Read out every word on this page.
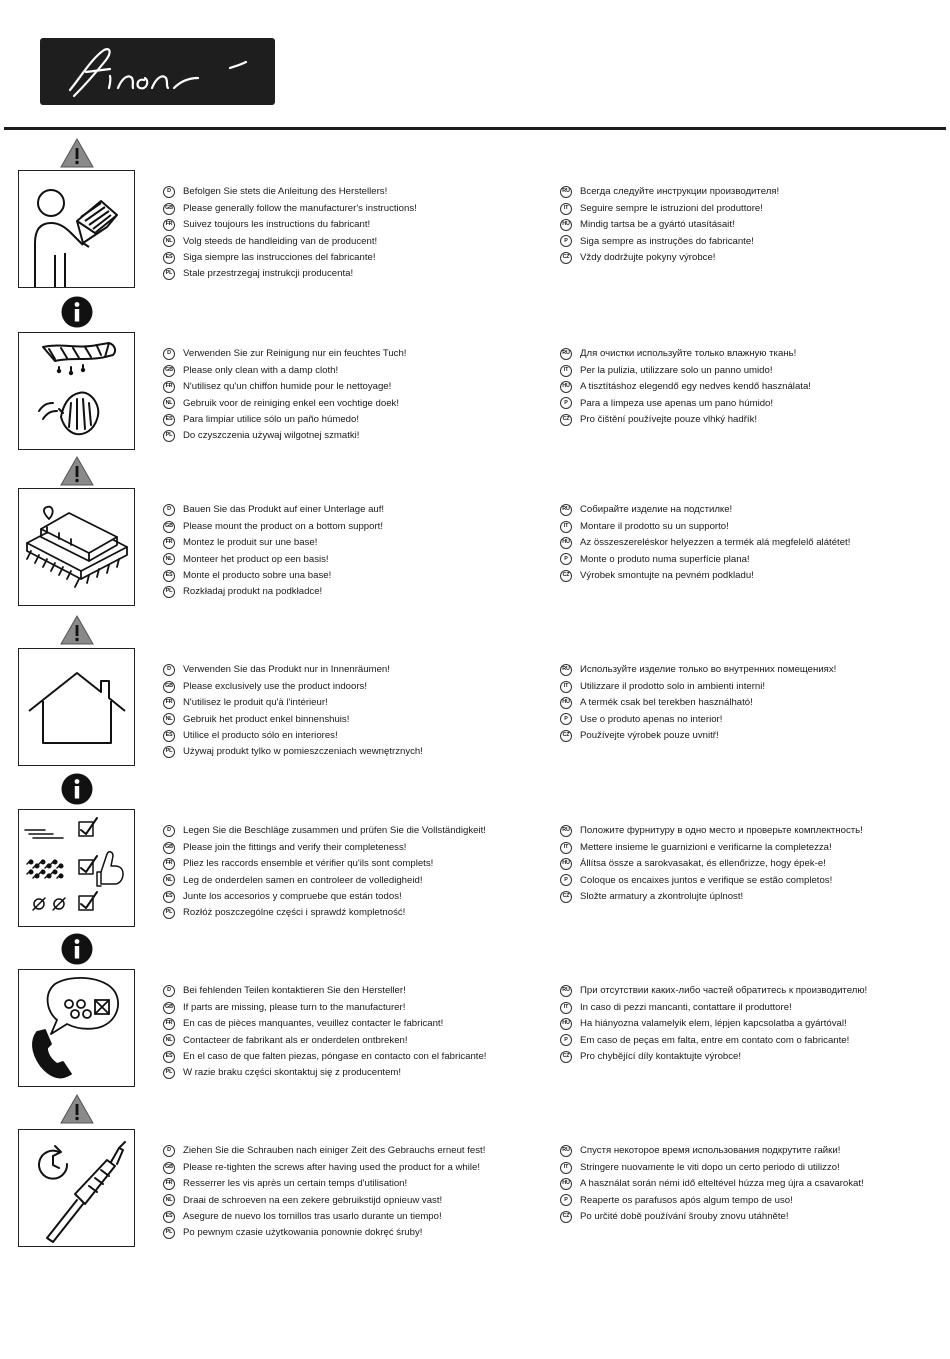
D	Befolgen Sie stets die Anleitung des Herstellers!
GB Please generally follow the manufacturer's instructions!
FR Suivez toujours les instructions du fabricant!
NL Volg steeds de handleiding van de producent!
ES Siga siempre las instrucciones del fabricante!
PL Stale przestrzegaj instrukcji producenta!
RU Всегда следуйте инструкции производителя!
IT	Seguire sempre le istruzioni del produttore!
HU Mindig tartsa be a gyártó utasításait!
P	Siga sempre as instruções do fabricante!
CZ Vždy dodržujte pokyny výrobce!
D	Verwenden Sie zur Reinigung nur ein feuchtes Tuch!
GB Please only clean with a damp cloth!
FR N'utilisez qu'un chiffon humide pour le nettoyage!
NL Gebruik voor de reiniging enkel een vochtige doek!
ES Para limpiar utilice sólo un paño húmedo!
PL Do czyszczenia używaj wilgotnej szmatki!
RU Для очистки используйте только влажную ткань!
IT	Per la pulizia, utilizzare solo un panno umido!
HU A tisztításhoz elegendő egy nedves kendő használata!
P	Para a limpeza use apenas um pano húmido!
CZ Pro čištění používejte pouze vlhký hadřík!
D	Bauen Sie das Produkt auf einer Unterlage auf!
GB Please mount the product on a bottom support!
FR Montez le produit sur une base!
NL Monteer het product op een basis!
ES Monte el producto sobre una base!
PL Rozkładaj produkt na podkładce!
RU Собирайте изделие на подстилке!
IT	Montare il prodotto su un supporto!
HU Az összeszereléskor helyezzen a termék alá megfelelő alátétet!
P	Monte o produto numa superfície plana!
CZ Výrobek smontujte na pevném podkladu!
D	Verwenden Sie das Produkt nur in Innenräumen!
GB Please exclusively use the product indoors!
FR N'utilisez le produit qu'à l'intérieur!
NL Gebruik het product enkel binnenshuis!
ES Utilice el producto sólo en interiores!
PL Używaj produkt tylko w pomieszczeniach wewnętrznych!
RU Используйте изделие только во внутренних помещениях!
IT	Utilizzare il prodotto solo in ambienti interni!
HU A termék csak bel terekben használható!
P	Use o produto apenas no interior!
CZ Používejte výrobek pouze uvnitř!
D	Legen Sie die Beschläge zusammen und prüfen Sie die Vollständigkeit!
GB Please join the fittings and verify their completeness!
FR Pliez les raccords ensemble et vérifier qu'ils sont complets!
NL Leg de onderdelen samen en controleer de volledigheid!
ES Junte los accesorios y compruebe que están todos!
PL Rozłóż poszczególne części i sprawdź kompletność!
RU Положите фурнитуру в одно место и проверьте комплектность!
IT	Mettere insieme le guarnizioni e verificarne la completezza!
HU Állítsa össze a sarokvasakat, és ellenőrizze, hogy épek-e!
P	Coloque os encaixes juntos e verifique se estão completos!
CZ Složte armatury a zkontrolujte úplnost!
D	Bei fehlenden Teilen kontaktieren Sie den Hersteller!
GB If parts are missing, please turn to the manufacturer!
FR En cas de pièces manquantes, veuillez contacter le fabricant!
NL Contacteer de fabrikant als er onderdelen ontbreken!
ES En el caso de que falten piezas, póngase en contacto con el fabricante!
PL W razie braku części skontaktuj się z producentem!
RU При отсутствии каких-либо частей обратитесь к производителю!
IT	In caso di pezzi mancanti, contattare il produttore!
HU Ha hiányozna valamelyik elem, lépjen kapcsolatba a gyártóval!
P	Em caso de peças em falta, entre em contato com o fabricante!
CZ Pro chybějící díly kontaktujte výrobce!
D	Ziehen Sie die Schrauben nach einiger Zeit des Gebrauchs erneut fest!
GB Please re-tighten the screws after having used the product for a while!
FR Resserrer les vis après un certain temps d'utilisation!
NL Draai de schroeven na een zekere gebruikstijd opnieuw vast!
ES Asegure de nuevo los tornillos tras usarlo durante un tiempo!
PL Po pewnym czasie użytkowania ponownie dokręć śruby!
RU Спустя некоторое время использования подкрутите гайки!
IT	Stringere nuovamente le viti dopo un certo periodo di utilizzo!
HU A használat során némi idő elteltével húzza meg újra a csavarokat!
P	Reaperte os parafusos após algum tempo de uso!
CZ Po určité době používání šrouby znovu utáhněte!
